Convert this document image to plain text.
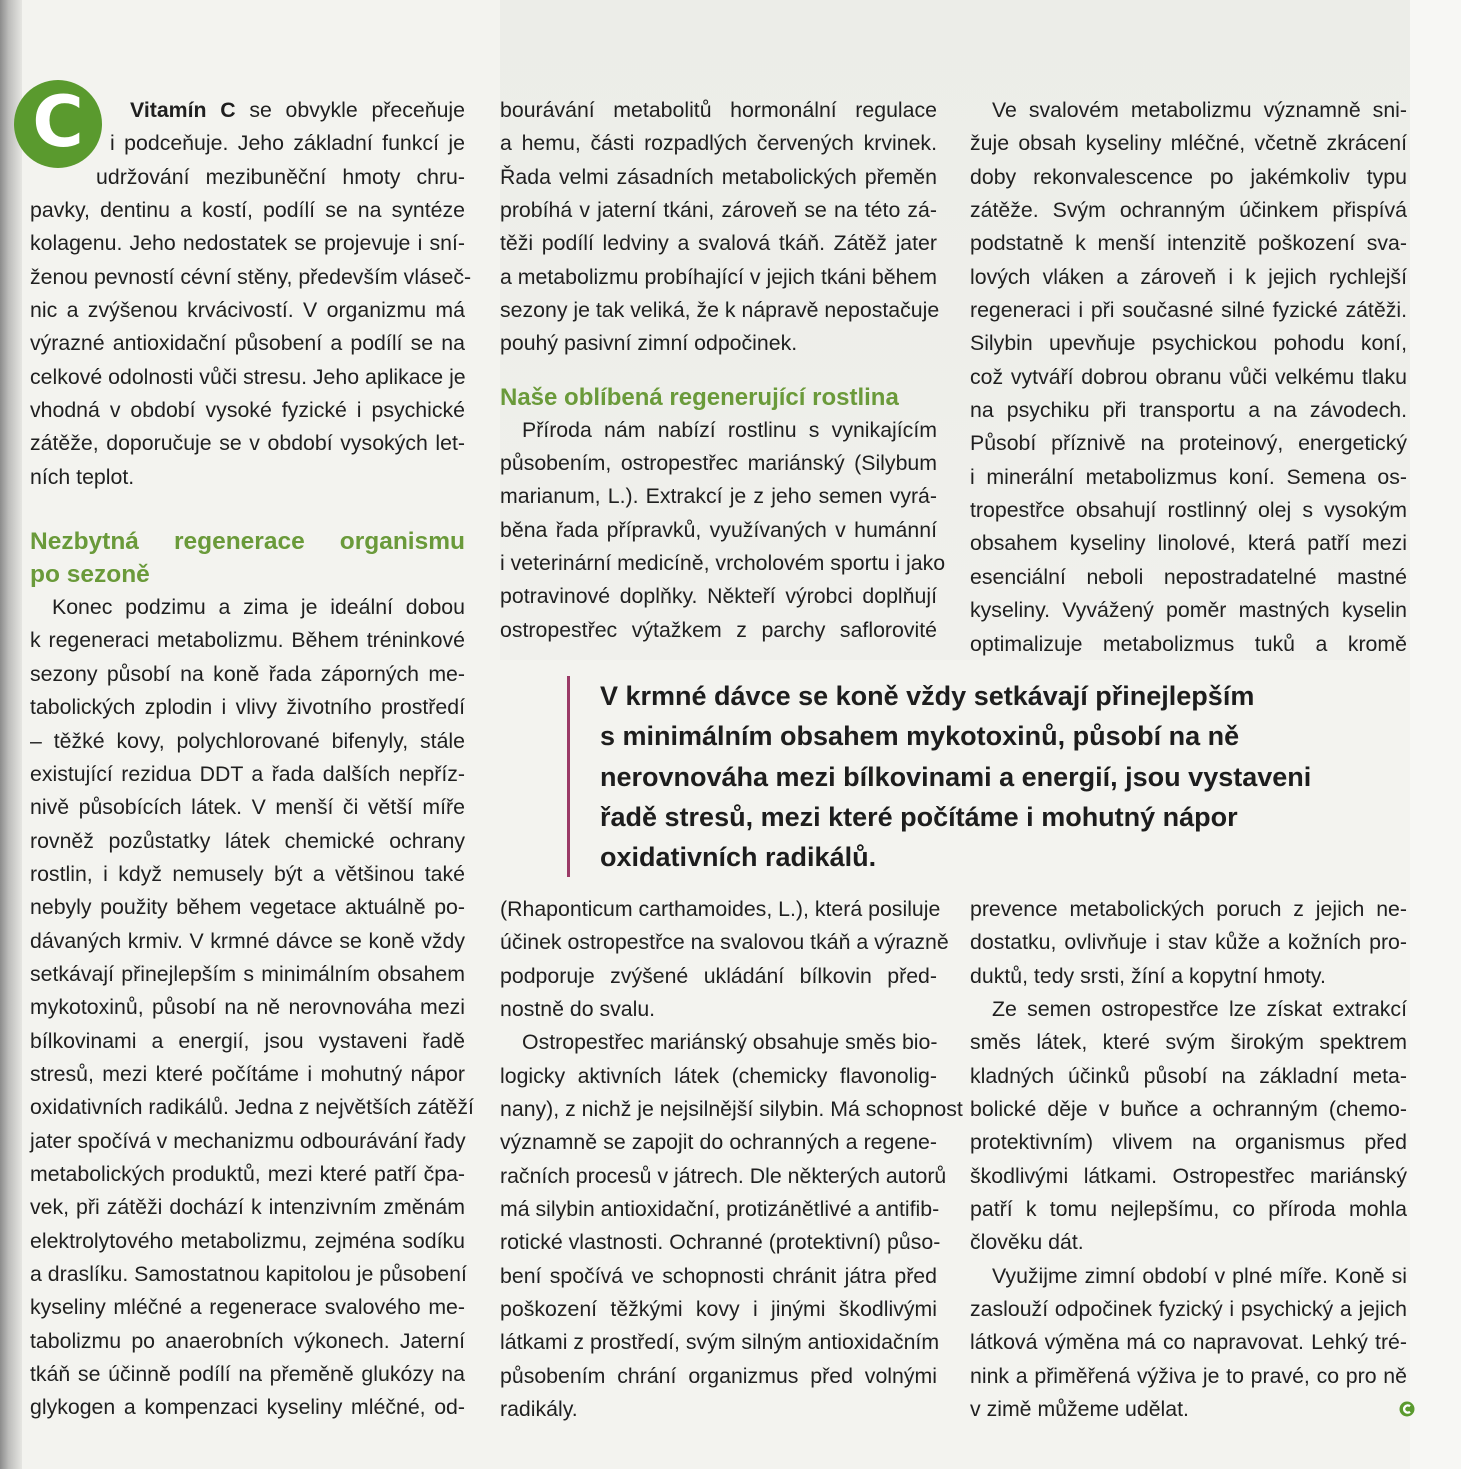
C	Vitamín C se obvykle přeceňuje
i podceňuje. Jeho základní funkcí je
udržování mezibuněční hmoty chru-
pavky, dentinu a kostí, podílí se na syntéze
kolagenu. Jeho nedostatek se projevuje i sní-
ženou pevností cévní stěny, především vláseč-
nic a zvýšenou krvácivostí. V organizmu má
výrazné antioxidační působení a podílí se na
celkové odolnosti vůči stresu. Jeho aplikace je
vhodná v období vysoké fyzické i psychické
zátěže, doporučuje se v období vysokých let-
ních teplot.
Nezbytná regenerace organismu
po sezoně
Konec podzimu a zima je ideální dobou
k regeneraci metabolizmu. Během tréninkové
sezony působí na koně řada záporných me-
tabolických zplodin i vlivy životního prostředí
– těžké kovy, polychlorované bifenyly, stále
existující rezidua DDT a řada dalších nepříz-
nivě působících látek. V menší či větší míře
rovněž pozůstatky látek chemické ochrany
rostlin, i když nemusely být a většinou také
nebyly použity během vegetace aktuálně po-
dávaných krmiv. V krmné dávce se koně vždy
setkávají přinejlepším s minimálním obsahem
mykotoxinů, působí na ně nerovnováha mezi
bílkovinami a energií, jsou vystaveni řadě
stresů, mezi které počítáme i mohutný nápor
oxidativních radikálů. Jedna z největších zátěží
jater spočívá v mechanizmu odbourávání řady
metabolických produktů, mezi které patří čpa-
vek, při zátěži dochází k intenzivním změnám
elektrolytového metabolizmu, zejména sodíku
a draslíku. Samostatnou kapitolou je působení
kyseliny mléčné a regenerace svalového me-
tabolizmu po anaerobních výkonech. Jaterní
tkáň se účinně podílí na přeměně glukózy na
glykogen a kompenzaci kyseliny mléčné, od-
bourávání metabolitů hormonální regulace
a hemu, části rozpadlých červených krvinek.
Řada velmi zásadních metabolických přeměn
probíhá v jaterní tkáni, zároveň se na této zá-
těži podílí ledviny a svalová tkáň. Zátěž jater
a metabolizmu probíhající v jejich tkáni během
sezony je tak veliká, že k nápravě nepostačuje
pouhý pasivní zimní odpočinek.
Naše oblíbená regenerující rostlina
Příroda nám nabízí rostlinu s vynikajícím
působením, ostropestřec mariánský (Silybum
marianum, L.). Extrakcí je z jeho semen vyrá-
běna řada přípravků, využívaných v humánní
i veterinární medicíně, vrcholovém sportu i jako
potravinové doplňky. Někteří výrobci doplňují
ostropestřec výtažkem z parchy saflorovité
Ve svalovém metabolizmu významně sni-
žuje obsah kyseliny mléčné, včetně zkrácení
doby rekonvalescence po jakémkoliv typu
zátěže. Svým ochranným účinkem přispívá
podstatně k menší intenzitě poškození sva-
lových vláken a zároveň i k jejich rychlejší
regeneraci i při současné silné fyzické zátěži.
Silybin upevňuje psychickou pohodu koní,
což vytváří dobrou obranu vůči velkému tlaku
na psychiku při transportu a na závodech.
Působí příznivě na proteinový, energetický
i minerální metabolizmus koní. Semena os-
tropestřce obsahují rostlinný olej s vysokým
obsahem kyseliny linolové, která patří mezi
esenciální neboli nepostradatelné mastné
kyseliny. Vyvážený poměr mastných kyselin
optimalizuje metabolizmus tuků a kromě
V krmné dávce se koně vždy setkávají přinejlepším
s minimálním obsahem mykotoxinů, působí na ně
nerovnováha mezi bílkovinami a energií, jsou vystaveni
řadě stresů, mezi které počítáme i mohutný nápor
oxidativních radikálů.
(Rhaponticum carthamoides, L.), která posiluje
účinek ostropestřce na svalovou tkáň a výrazně
podporuje zvýšené ukládání bílkovin před-
nostně do svalu.
Ostropestřec mariánský obsahuje směs bio-
logicky aktivních látek (chemicky flavonolig-
nany), z nichž je nejsilnější silybin. Má schopnost
významně se zapojit do ochranných a regene-
račních procesů v játrech. Dle některých autorů
má silybin antioxidační, protizánětlivé a antifib-
rotické vlastnosti. Ochranné (protektivní) půso-
bení spočívá ve schopnosti chránit játra před
poškození těžkými kovy i jinými škodlivými
látkami z prostředí, svým silným antioxidačním
působením chrání organizmus před volnými
radikály.
prevence metabolických poruch z jejich ne-
dostatku, ovlivňuje i stav kůže a kožních pro-
duktů, tedy srsti, žíní a kopytní hmoty.
Ze semen ostropestřce lze získat extrakcí
směs látek, které svým širokým spektrem
kladných účinků působí na základní meta-
bolické děje v buňce a ochranným (chemo-
protektivním) vlivem na organismus před
škodlivými látkami. Ostropestřec mariánský
patří k tomu nejlepšímu, co příroda mohla
člověku dát.
Využijme zimní období v plné míře. Koně si
zaslouží odpočinek fyzický i psychický a jejich
látková výměna má co napravovat. Lehký tré-
nink a přiměřená výživa je to pravé, co pro ně
v zimě můžeme udělat.
